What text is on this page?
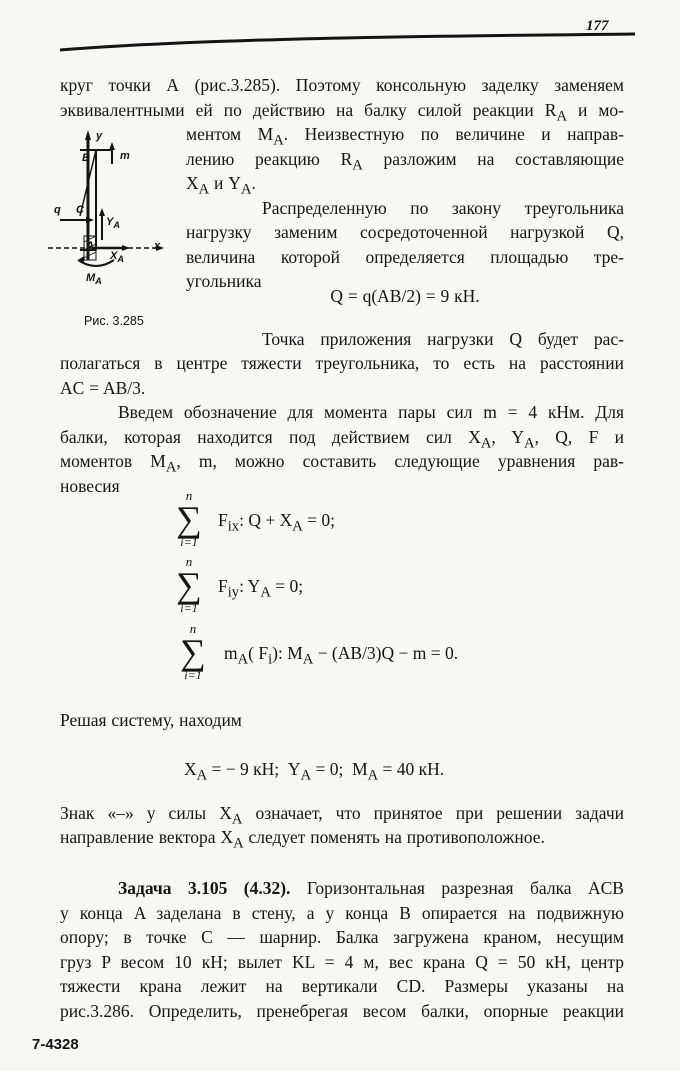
177
круг точки А (рис.3.285). Поэтому консольную заделку заменяем
эквивалентными ей по действию на балку силой реакции $R_A$ и мо-
ментом $M_A$. Неизвестную по величине и направ-
лению реакцию $R_A$ разложим на составляющие
$X_A$ и $Y_A$.
Распределенную по закону треугольника
нагрузку заменим сосредоточенной нагрузкой Q,
величина которой определяется площадью тре-
угольника
Q = q(AB/2) = 9 кН.
y
B	m
q C
$Y_A$
A
$X_A$
x
$M_A$
Рис. 3.285
Точка приложения нагрузки Q будет рас-
полагаться в центре тяжести треугольника, то есть на расстоянии
AC = AB/3.
Введем обозначение для момента пары сил m = 4 кНм. Для
балки, которая находится под действием сил $X_A$, $Y_A$, Q, F и
моментов $M_A$, m, можно составить следующие уравнения рав-
новесия	n
∑
i=1
$F_{ix}$: $Q + X_A = 0$;
n
∑
i=1
$F_{iy}$: $Y_A = 0$;
n
∑
i=1
$m_A$( $F_i$): $M_A - (AB/3)Q - m = 0$.
Решая систему, находим
$X_A$ = − 9 кН;  $Y_A = 0$;  $M_A = 40$ кН.
Знак «–» у силы $X_A$ означает, что принятое при решении задачи
направление вектора $X_A$ следует поменять на противоположное.
Задача 3.105 (4.32). Горизонтальная разрезная балка ACB
у конца A заделана в стену, а у конца B опирается на подвижную
опору; в точке C — шарнир. Балка загружена краном, несущим
груз P весом 10 кН; вылет KL = 4 м, вес крана Q = 50 кН, центр
тяжести крана лежит на вертикали CD. Размеры указаны на
рис.3.286. Определить, пренебрегая весом балки, опорные реакции
7-4328
